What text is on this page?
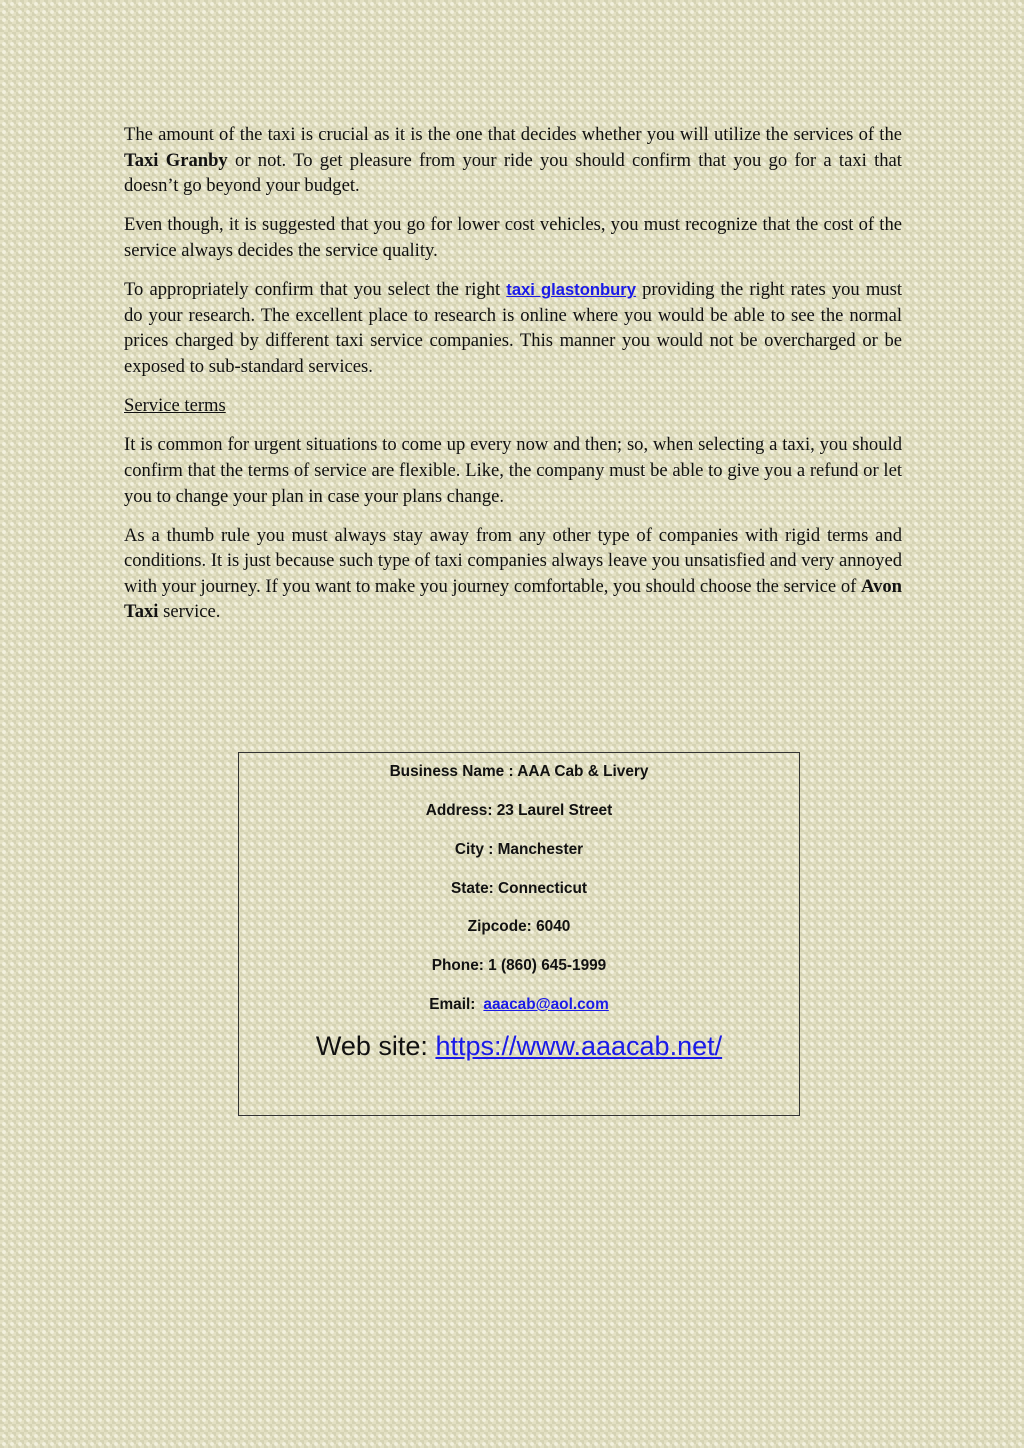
The amount of the taxi is crucial as it is the one that decides whether you will utilize the services of the Taxi Granby or not. To get pleasure from your ride you should confirm that you go for a taxi that doesn’t go beyond your budget.

Even though, it is suggested that you go for lower cost vehicles, you must recognize that the cost of the service always decides the service quality.

To appropriately confirm that you select the right taxi glastonbury providing the right rates you must do your research. The excellent place to research is online where you would be able to see the normal prices charged by different taxi service companies. This manner you would not be overcharged or be exposed to sub-standard services.

Service terms

It is common for urgent situations to come up every now and then; so, when selecting a taxi, you should confirm that the terms of service are flexible. Like, the company must be able to give you a refund or let you to change your plan in case your plans change.

As a thumb rule you must always stay away from any other type of companies with rigid terms and conditions. It is just because such type of taxi companies always leave you unsatisfied and very annoyed with your journey. If you want to make you journey comfortable, you should choose the service of Avon Taxi service.

Business Name : AAA Cab & Livery
Address: 23 Laurel Street
City : Manchester
State: Connecticut
Zipcode: 6040
Phone: 1 (860) 645-1999
Email: aaacab@aol.com
Web site: https://www.aaacab.net/
